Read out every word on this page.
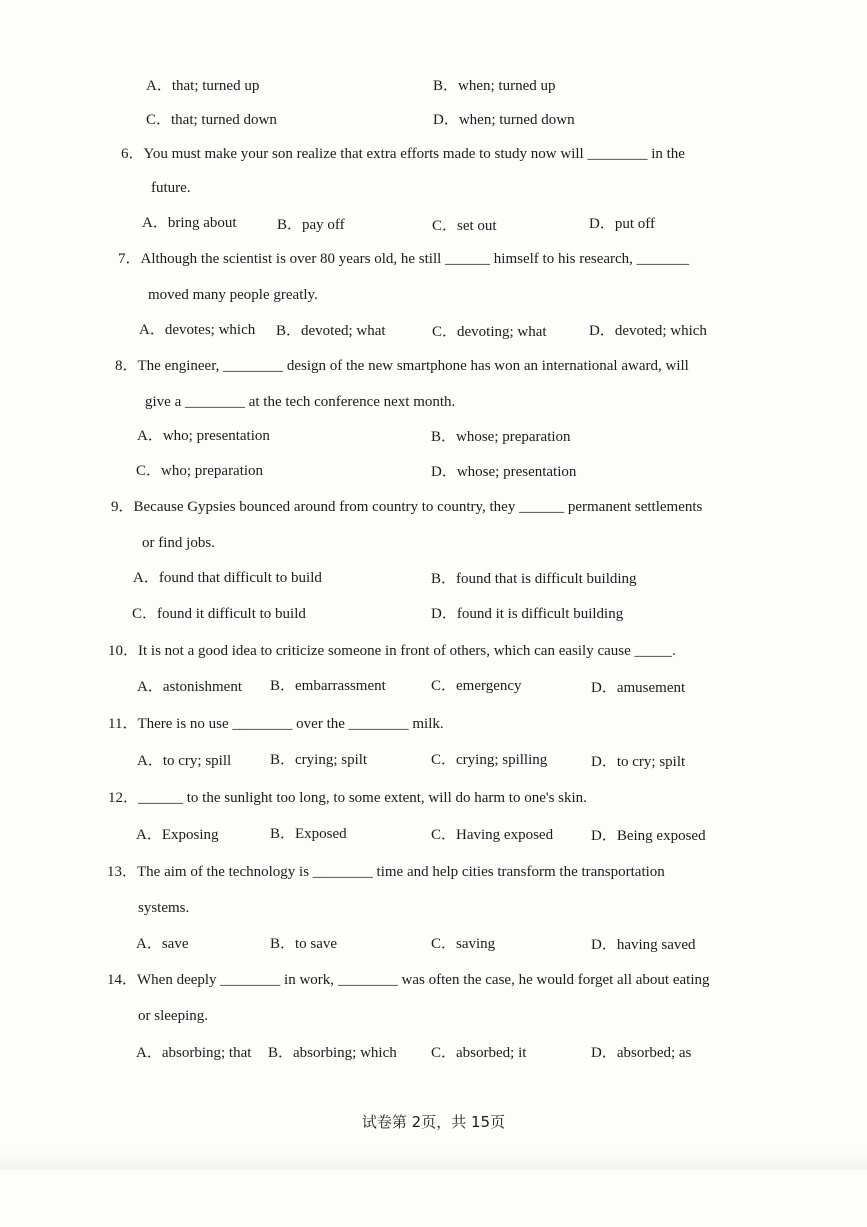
A．that; turned up	B．when; turned up
C．that; turned down	D．when; turned down
6．You must make your son realize that extra efforts made to study now will ________ in the
future.
A．bring about	B．pay off	C．set out	D．put off
7．Although the scientist is over 80 years old, he still ______ himself to his research, _______
moved many people greatly.
A．devotes; which B．devoted; what	C．devoting; what	D．devoted; which
8．The engineer, ________ design of the new smartphone has won an international award, will
give a ________ at the tech conference next month.
A．who; presentation	B．whose; preparation
C．who; preparation	D．whose; presentation
9．Because Gypsies bounced around from country to country, they ______ permanent settlements
or find jobs.
A．found that difficult to build	B．found that is difficult building
C．found it difficult to build	D．found it is difficult building
10．It is not a good idea to criticize someone in front of others, which can easily cause _____.
A．astonishment B．embarrassment	C．emergency	D．amusement
11．There is no use ________ over the ________ milk.
A．to cry; spill	B．crying; spilt	C．crying; spilling	D．to cry; spilt
12．______ to the sunlight too long, to some extent, will do harm to one's skin.
A．Exposing	B．Exposed	C．Having exposed	D．Being exposed
13．The aim of the technology is ________ time and help cities transform the transportation
systems.
A．save	B．to save	C．saving	D．having saved
14．When deeply ________ in work, ________ was often the case, he would forget all about eating
or sleeping.
A．absorbing; that B．absorbing; which C．absorbed; it	D．absorbed; as
试卷第 2页，共 15页
